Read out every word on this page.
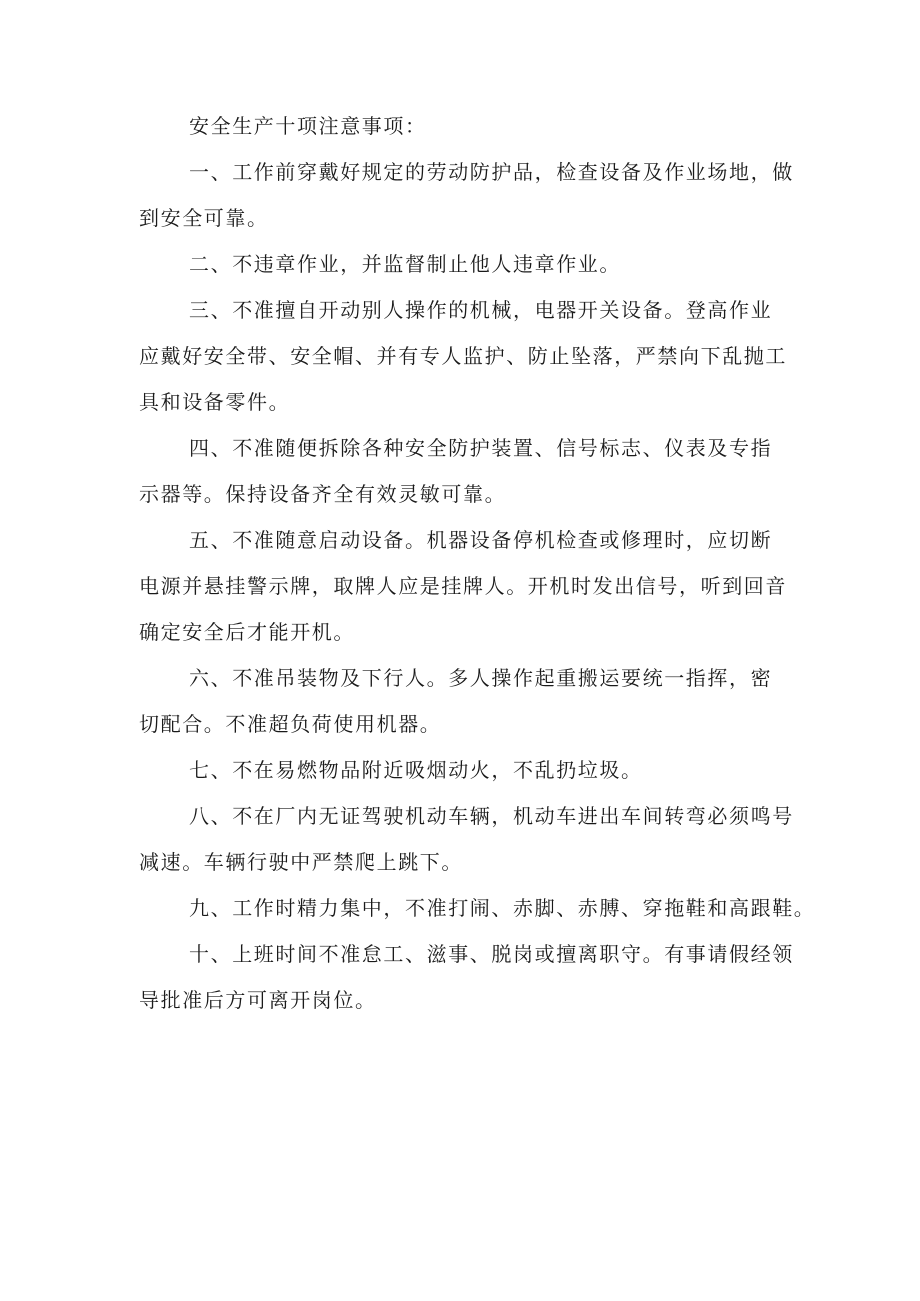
安全生产十项注意事项：

一、工作前穿戴好规定的劳动防护品，检查设备及作业场地，做
到安全可靠。
二、不违章作业，并监督制止他人违章作业。
三、不准擅自开动别人操作的机械，电器开关设备。登高作业
应戴好安全带、安全帽、并有专人监护、防止坠落，严禁向下乱抛工
具和设备零件。
四、不准随便拆除各种安全防护装置、信号标志、仪表及专指
示器等。保持设备齐全有效灵敏可靠。
五、不准随意启动设备。机器设备停机检查或修理时，应切断
电源并悬挂警示牌，取牌人应是挂牌人。开机时发出信号，听到回音
确定安全后才能开机。
六、不准吊装物及下行人。多人操作起重搬运要统一指挥，密
切配合。不准超负荷使用机器。
七、不在易燃物品附近吸烟动火，不乱扔垃圾。
八、不在厂内无证驾驶机动车辆，机动车进出车间转弯必须鸣号
减速。车辆行驶中严禁爬上跳下。
九、工作时精力集中，不准打闹、赤脚、赤膊、穿拖鞋和高跟鞋。
十、上班时间不准怠工、滋事、脱岗或擅离职守。有事请假经领
导批准后方可离开岗位。
